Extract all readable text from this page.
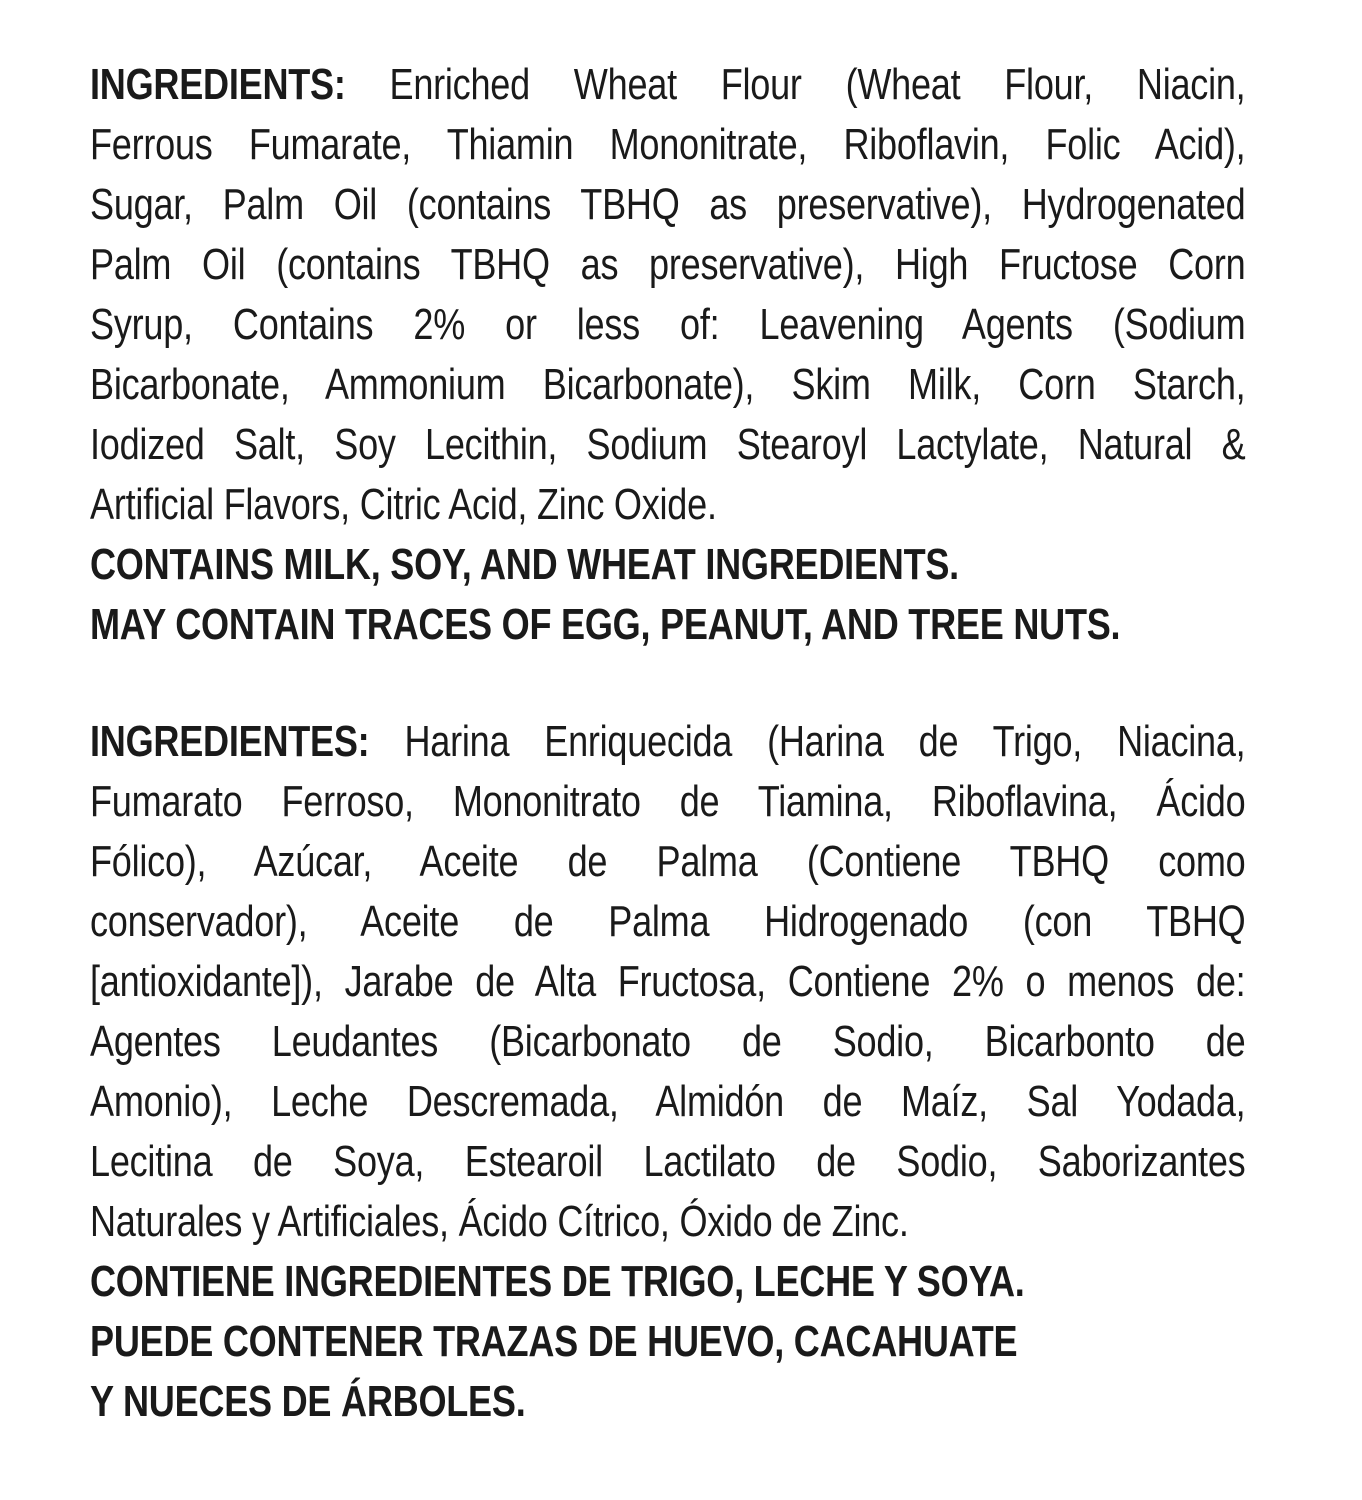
INGREDIENTS: Enriched Wheat Flour (Wheat Flour, Niacin,
Ferrous Fumarate, Thiamin Mononitrate, Riboflavin, Folic Acid),
Sugar, Palm Oil (contains TBHQ as preservative), Hydrogenated
Palm Oil (contains TBHQ as preservative), High Fructose Corn
Syrup, Contains 2% or less of: Leavening Agents (Sodium
Bicarbonate, Ammonium Bicarbonate), Skim Milk, Corn Starch,
Iodized Salt, Soy Lecithin, Sodium Stearoyl Lactylate, Natural &
Artificial Flavors, Citric Acid, Zinc Oxide.
CONTAINS MILK, SOY, AND WHEAT INGREDIENTS.
MAY CONTAIN TRACES OF EGG, PEANUT, AND TREE NUTS.
INGREDIENTES: Harina Enriquecida (Harina de Trigo, Niacina,
Fumarato Ferroso, Mononitrato de Tiamina, Riboflavina, Ácido
Fólico), Azúcar, Aceite de Palma (Contiene TBHQ como
conservador), Aceite de Palma Hidrogenado (con TBHQ
[antioxidante]), Jarabe de Alta Fructosa, Contiene 2% o menos de:
Agentes Leudantes (Bicarbonato de Sodio, Bicarbonto de
Amonio), Leche Descremada, Almidón de Maíz, Sal Yodada,
Lecitina de Soya, Estearoil Lactilato de Sodio, Saborizantes
Naturales y Artificiales, Ácido Cítrico, Óxido de Zinc.
CONTIENE INGREDIENTES DE TRIGO, LECHE Y SOYA.
PUEDE CONTENER TRAZAS DE HUEVO, CACAHUATE
Y NUECES DE ÁRBOLES.
